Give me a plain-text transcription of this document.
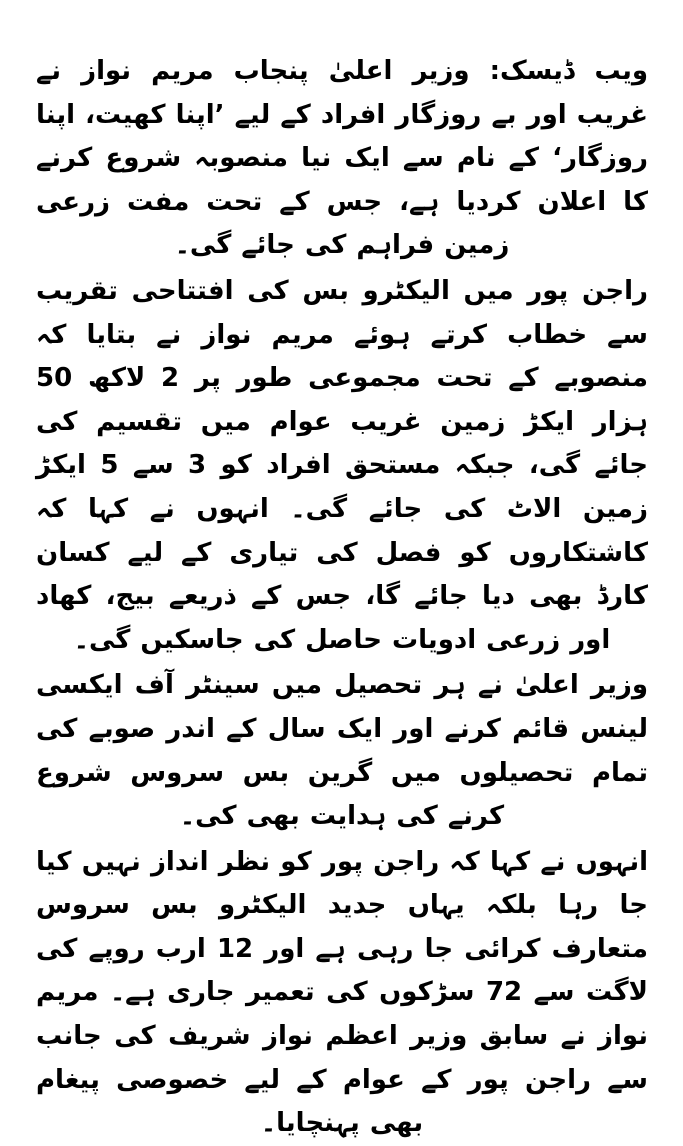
ویب ڈیسک: وزیر اعلیٰ پنجاب مریم نواز نے غریب اور بے روزگار افراد کے لیے ’اپنا کھیت، اپنا روزگار‘ کے نام سے ایک نیا منصوبہ شروع کرنے کا اعلان کردیا ہے، جس کے تحت مفت زرعی زمین فراہم کی جائے گی۔

راجن پور میں الیکٹرو بس کی افتتاحی تقریب سے خطاب کرتے ہوئے مریم نواز نے بتایا کہ منصوبے کے تحت مجموعی طور پر 2 لاکھ 50 ہزار ایکڑ زمین غریب عوام میں تقسیم کی جائے گی، جبکہ مستحق افراد کو 3 سے 5 ایکڑ زمین الاٹ کی جائے گی۔ انہوں نے کہا کہ کاشتکاروں کو فصل کی تیاری کے لیے کسان کارڈ بھی دیا جائے گا، جس کے ذریعے بیج، کھاد اور زرعی ادویات حاصل کی جاسکیں گی۔

وزیر اعلیٰ نے ہر تحصیل میں سینٹر آف ایکسی لینس قائم کرنے اور ایک سال کے اندر صوبے کی تمام تحصیلوں میں گرین بس سروس شروع کرنے کی ہدایت بھی کی۔

انہوں نے کہا کہ راجن پور کو نظر انداز نہیں کیا جا رہا بلکہ یہاں جدید الیکٹرو بس سروس متعارف کرائی جا رہی ہے اور 12 ارب روپے کی لاگت سے 72 سڑکوں کی تعمیر جاری ہے۔ مریم نواز نے سابق وزیر اعظم نواز شریف کی جانب سے راجن پور کے عوام کے لیے خصوصی پیغام بھی پہنچایا۔
